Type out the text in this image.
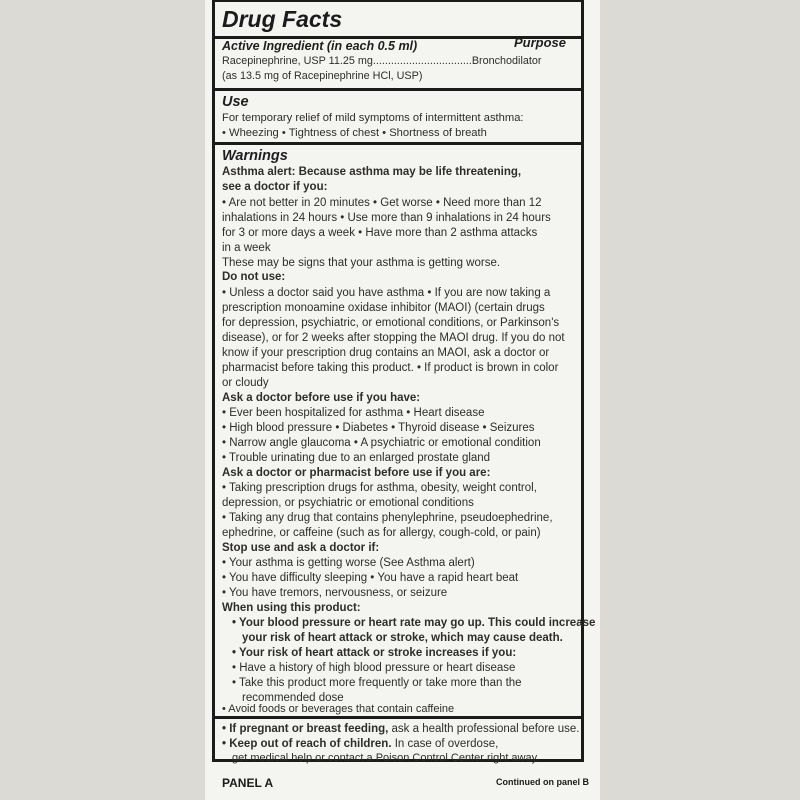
Drug Facts
Active Ingredient (in each 0.5 ml)	Purpose
Racepinephrine, USP 11.25 mg.................................Bronchodilator
(as 13.5 mg of Racepinephrine HCl, USP)
Use
For temporary relief of mild symptoms of intermittent asthma:
• Wheezing • Tightness of chest • Shortness of breath
Warnings
Asthma alert: Because asthma may be life threatening,
see a doctor if you:
• Are not better in 20 minutes • Get worse • Need more than 12
inhalations in 24 hours • Use more than 9 inhalations in 24 hours
for 3 or more days a week • Have more than 2 asthma attacks
in a week
These may be signs that your asthma is getting worse.
Do not use:
• Unless a doctor said you have asthma • If you are now taking a
prescription monoamine oxidase inhibitor (MAOI) (certain drugs
for depression, psychiatric, or emotional conditions, or Parkinson's
disease), or for 2 weeks after stopping the MAOI drug. If you do not
know if your prescription drug contains an MAOI, ask a doctor or
pharmacist before taking this product. • If product is brown in color
or cloudy
Ask a doctor before use if you have:
• Ever been hospitalized for asthma • Heart disease
• High blood pressure • Diabetes • Thyroid disease • Seizures
• Narrow angle glaucoma • A psychiatric or emotional condition
• Trouble urinating due to an enlarged prostate gland
Ask a doctor or pharmacist before use if you are:
• Taking prescription drugs for asthma, obesity, weight control,
depression, or psychiatric or emotional conditions
• Taking any drug that contains phenylephrine, pseudoephedrine,
ephedrine, or caffeine (such as for allergy, cough-cold, or pain)
Stop use and ask a doctor if:
• Your asthma is getting worse (See Asthma alert)
• You have difficulty sleeping • You have a rapid heart beat
• You have tremors, nervousness, or seizure
When using this product:
• Your blood pressure or heart rate may go up. This could increase
your risk of heart attack or stroke, which may cause death.
• Your risk of heart attack or stroke increases if you:
• Have a history of high blood pressure or heart disease
• Take this product more frequently or take more than the
recommended dose
• Avoid foods or beverages that contain caffeine
• If pregnant or breast feeding, ask a health professional before use.
• Keep out of reach of children. In case of overdose,
get medical help or contact a Poison Control Center right away.
PANEL A	Continued on panel B
